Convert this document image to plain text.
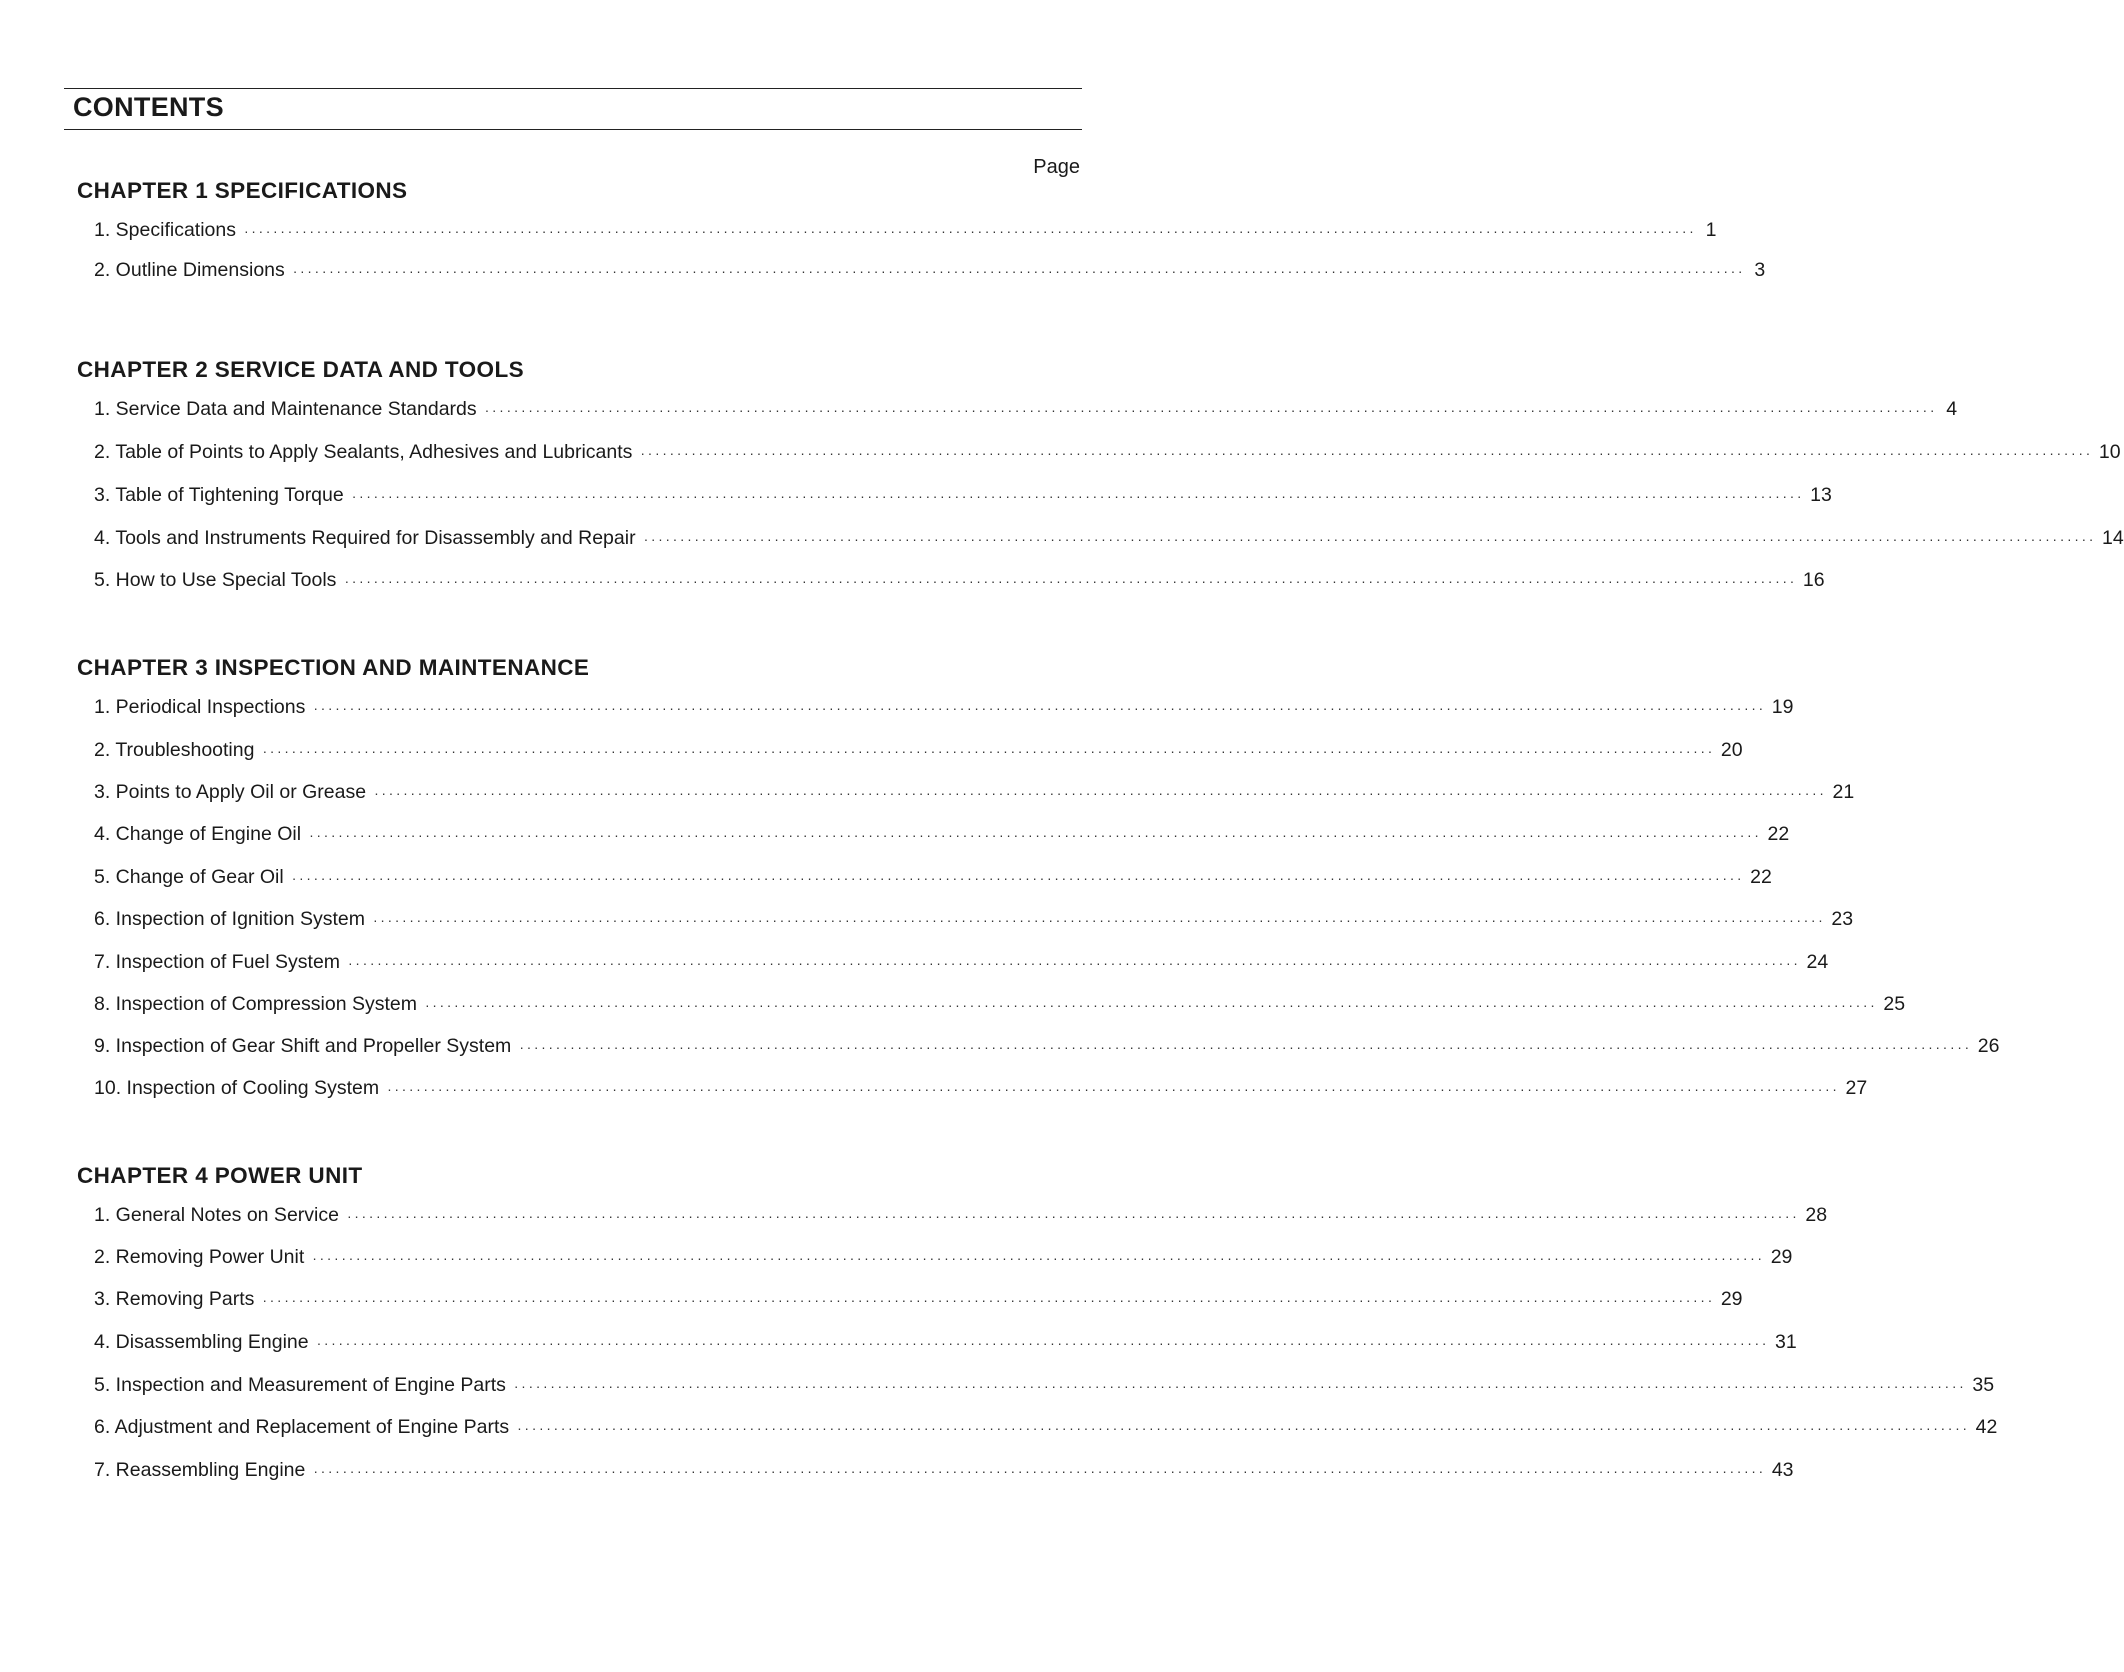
CONTENTS
Page
CHAPTER 1 SPECIFICATIONS
1. Specifications ········································································································································································································ 1
2. Outline Dimensions ········································································································································································································ 3
CHAPTER 2 SERVICE DATA AND TOOLS
1. Service Data and Maintenance Standards ········································································································································································································ 4
2. Table of Points to Apply Sealants, Adhesives and Lubricants ········································································································································································································ 10
3. Table of Tightening Torque ········································································································································································································ 13
4. Tools and Instruments Required for Disassembly and Repair ········································································································································································································ 14
5. How to Use Special Tools ········································································································································································································ 16
CHAPTER 3 INSPECTION AND MAINTENANCE
1. Periodical Inspections ········································································································································································································ 19
2. Troubleshooting ········································································································································································································ 20
3. Points to Apply Oil or Grease ········································································································································································································ 21
4. Change of Engine Oil ········································································································································································································ 22
5. Change of Gear Oil ········································································································································································································ 22
6. Inspection of Ignition System ········································································································································································································ 23
7. Inspection of Fuel System ········································································································································································································ 24
8. Inspection of Compression System ········································································································································································································ 25
9. Inspection of Gear Shift and Propeller System ········································································································································································································ 26
10. Inspection of Cooling System ········································································································································································································ 27
CHAPTER 4 POWER UNIT
1. General Notes on Service ········································································································································································································ 28
2. Removing Power Unit ········································································································································································································ 29
3. Removing Parts ········································································································································································································ 29
4. Disassembling Engine ········································································································································································································ 31
5. Inspection and Measurement of Engine Parts ········································································································································································································ 35
6. Adjustment and Replacement of Engine Parts ········································································································································································································ 42
7. Reassembling Engine ········································································································································································································ 43
